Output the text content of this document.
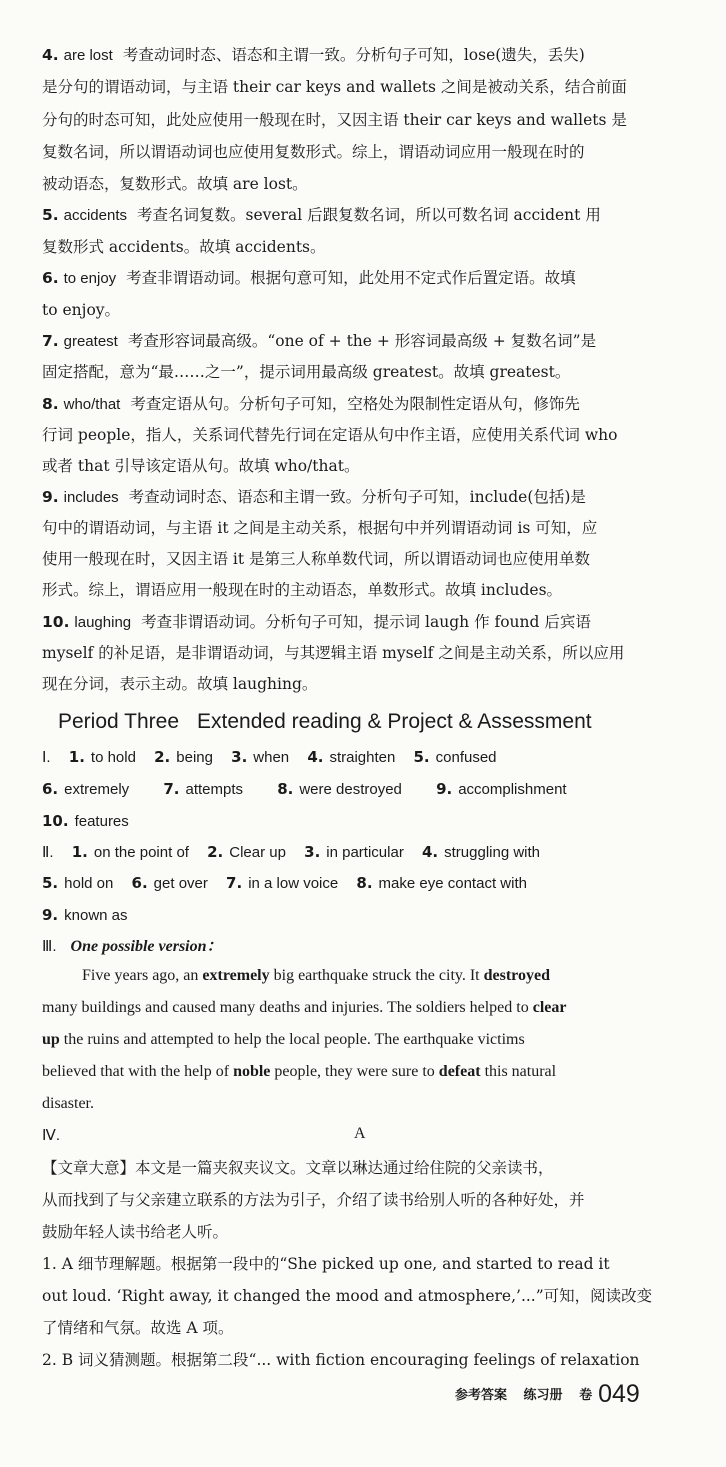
4. are lost 考查动词时态、语态和主谓一致。分析句子可知，lose(遗失，丢失)
是分句的谓语动词，与主语 their car keys and wallets 之间是被动关系，结合前面
分句的时态可知，此处应使用一般现在时，又因主语 their car keys and wallets 是
复数名词，所以谓语动词也应使用复数形式。综上，谓语动词应用一般现在时的
被动语态，复数形式。故填 are lost。
5. accidents 考查名词复数。several 后跟复数名词，所以可数名词 accident 用
复数形式 accidents。故填 accidents。
6. to enjoy 考查非谓语动词。根据句意可知，此处用不定式作后置定语。故填
to enjoy。
7. greatest 考查形容词最高级。“one of + the + 形容词最高级 + 复数名词”是
固定搭配，意为“最……之一”，提示词用最高级 greatest。故填 greatest。
8. who/that 考查定语从句。分析句子可知，空格处为限制性定语从句，修饰先
行词 people，指人，关系词代替先行词在定语从句中作主语，应使用关系代词 who
或者 that 引导该定语从句。故填 who/that。
9. includes 考查动词时态、语态和主谓一致。分析句子可知，include(包括)是
句中的谓语动词，与主语 it 之间是主动关系，根据句中并列谓语动词 is 可知，应
使用一般现在时，又因主语 it 是第三人称单数代词，所以谓语动词也应使用单数
形式。综上，谓语应用一般现在时的主动语态，单数形式。故填 includes。
10. laughing 考查非谓语动词。分析句子可知，提示词 laugh 作 found 后宾语
myself 的补足语，是非谓语动词，与其逻辑主语 myself 之间是主动关系，所以应用
现在分词，表示主动。故填 laughing。
Period Three Extended reading & Project & Assessment
Ⅰ. 1. to hold 2. being 3. when 4. straighten 5. confused
6. extremely 7. attempts 8. were destroyed 9. accomplishment
10. features
Ⅱ. 1. on the point of 2. Clear up 3. in particular 4. struggling with
5. hold on 6. get over 7. in a low voice 8. make eye contact with
9. known as
Ⅲ. One possible version：
Five years ago, an extremely big earthquake struck the city. It destroyed
many buildings and caused many deaths and injuries. The soldiers helped to clear
up the ruins and attempted to help the local people. The earthquake victims
believed that with the help of noble people, they were sure to defeat this natural
disaster.
Ⅳ.	A
【文章大意】本文是一篇夹叙夹议文。文章以琳达通过给住院的父亲读书，
从而找到了与父亲建立联系的方法为引子，介绍了读书给别人听的各种好处，并
鼓励年轻人读书给老人听。
1. A 细节理解题。根据第一段中的“She picked up one, and started to read it
out loud. ‘Right away, it changed the mood and atmosphere,’...”可知，阅读改变
了情绪和气氛。故选 A 项。
2. B 词义猜测题。根据第二段“... with fiction encouraging feelings of relaxation
参考答案 练习册 卷 049
